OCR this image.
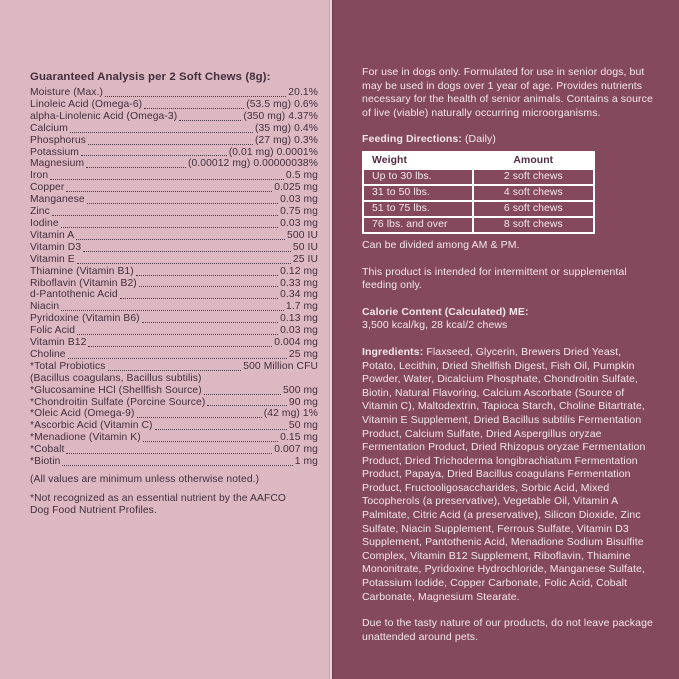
Guaranteed Analysis per 2 Soft Chews (8g):
Moisture (Max.)	20.1%
Linoleic Acid (Omega-6)	(53.5 mg) 0.6%
alpha-Linolenic Acid (Omega-3)	(350 mg) 4.37%
Calcium	(35 mg) 0.4%
Phosphorus	(27 mg) 0.3%
Potassium	(0.01 mg) 0.0001%
Magnesium	(0.00012 mg) 0.00000038%
Iron	0.5 mg
Copper	0.025 mg
Manganese	0.03 mg
Zinc	0.75 mg
Iodine	0.03 mg
Vitamin A	500 IU
Vitamin D3	50 IU
Vitamin E	25 IU
Thiamine (Vitamin B1)	0.12 mg
Riboflavin (Vitamin B2)	0.33 mg
d-Pantothenic Acid	0.34 mg
Niacin	1.7 mg
Pyridoxine (Vitamin B6)	0.13 mg
Folic Acid	0.03 mg
Vitamin B12	0.004 mg
Choline	25 mg
*Total Probiotics	500 Million CFU
(Bacillus coagulans, Bacillus subtilis)
*Glucosamine HCl (Shellfish Source)	500 mg
*Chondroitin Sulfate (Porcine Source)	90 mg
*Oleic Acid (Omega-9)	(42 mg) 1%
*Ascorbic Acid (Vitamin C)	50 mg
*Menadione (Vitamin K)	0.15 mg
*Cobalt	0.007 mg
*Biotin	1 mg
(All values are minimum unless otherwise noted.)
*Not recognized as an essential nutrient by the AAFCO Dog Food Nutrient Profiles.

For use in dogs only. Formulated for use in senior dogs, but may be used in dogs over 1 year of age. Provides nutrients necessary for the health of senior animals. Contains a source of live (viable) naturally occurring microorganisms.

Feeding Directions: (Daily)
Weight	Amount
Up to 30 lbs.	2 soft chews
31 to 50 lbs.	4 soft chews
51 to 75 lbs.	6 soft chews
76 lbs. and over	8 soft chews

Can be divided among AM & PM.

This product is intended for intermittent or supplemental feeding only.

Calorie Content (Calculated) ME:
3,500 kcal/kg, 28 kcal/2 chews

Ingredients: Flaxseed, Glycerin, Brewers Dried Yeast, Potato, Lecithin, Dried Shellfish Digest, Fish Oil, Pumpkin Powder, Water, Dicalcium Phosphate, Chondroitin Sulfate, Biotin, Natural Flavoring, Calcium Ascorbate (Source of Vitamin C), Maltodextrin, Tapioca Starch, Choline Bitartrate, Vitamin E Supplement, Dried Bacillus subtilis Fermentation Product, Calcium Sulfate, Dried Aspergillus oryzae Fermentation Product, Dried Rhizopus oryzae Fermentation Product, Dried Trichoderma longibrachiatum Fermentation Product, Papaya, Dried Bacillus coagulans Fermentation Product, Fructooligosaccharides, Sorbic Acid, Mixed Tocopherols (a preservative), Vegetable Oil, Vitamin A Palmitate, Citric Acid (a preservative), Silicon Dioxide, Zinc Sulfate, Niacin Supplement, Ferrous Sulfate, Vitamin D3 Supplement, Pantothenic Acid, Menadione Sodium Bisulfite Complex, Vitamin B12 Supplement, Riboflavin, Thiamine Mononitrate, Pyridoxine Hydrochloride, Manganese Sulfate, Potassium Iodide, Copper Carbonate, Folic Acid, Cobalt Carbonate, Magnesium Stearate.

Due to the tasty nature of our products, do not leave package unattended around pets.
